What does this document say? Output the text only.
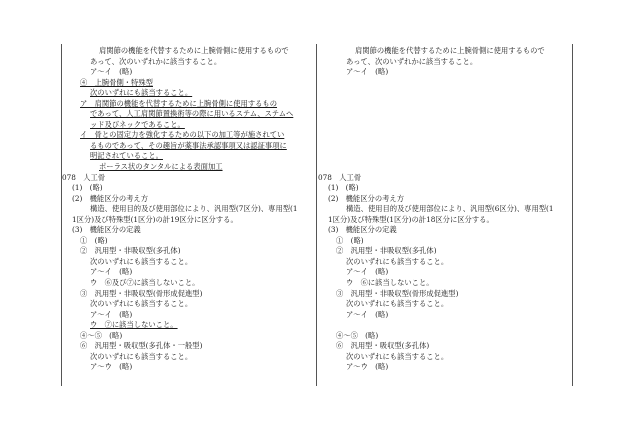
肩関節の機能を代替するために上腕骨側に使用するもので
あって、次のいずれかに該当すること。
ア～イ　(略)
④　上腕骨側・特殊型
次のいずれにも該当すること。
ア　肩関節の機能を代替するために上腕骨側に使用するもの
であって、人工肩関節置換術等の際に用いるステム、ステムへ
ッド及びネックであること。
イ　骨との固定力を強化するための以下の加工等が施されてい
るものであって、その趣旨が薬事法承認事項又は認証事項に
明記されていること。
ポーラス状のタンタルによる表面加工
078　人工骨
(1)　(略)
(2)　機能区分の考え方
構造、使用目的及び使用部位により、汎用型(7区分)、専用型(1
1区分)及び特殊型(1区分)の計19区分に区分する。
(3)　機能区分の定義
①　(略)
②　汎用型・非吸収型(多孔体)
次のいずれにも該当すること。
ア～イ　(略)
ウ　⑥及び⑦に該当しないこと。
③　汎用型・非吸収型(骨形成促進型)
次のいずれにも該当すること。
ア～イ　(略)
ウ　⑦に該当しないこと。
④～⑤　(略)
⑥　汎用型・吸収型(多孔体・一般型)
次のいずれにも該当すること。
ア～ウ　(略)
肩関節の機能を代替するために上腕骨側に使用するもので
あって、次のいずれかに該当すること。
ア～イ　(略)
078　人工骨
(1)　(略)
(2)　機能区分の考え方
構造、使用目的及び使用部位により、汎用型(6区分)、専用型(1
1区分)及び特殊型(1区分)の計18区分に区分する。
(3)　機能区分の定義
①　(略)
②　汎用型・非吸収型(多孔体)
次のいずれにも該当すること。
ア～イ　(略)
ウ　⑥に該当しないこと。
③　汎用型・非吸収型(骨形成促進型)
次のいずれにも該当すること。
ア～イ　(略)
④～⑤　(略)
⑥　汎用型・吸収型(多孔体)
次のいずれにも該当すること。
ア～ウ　(略)
